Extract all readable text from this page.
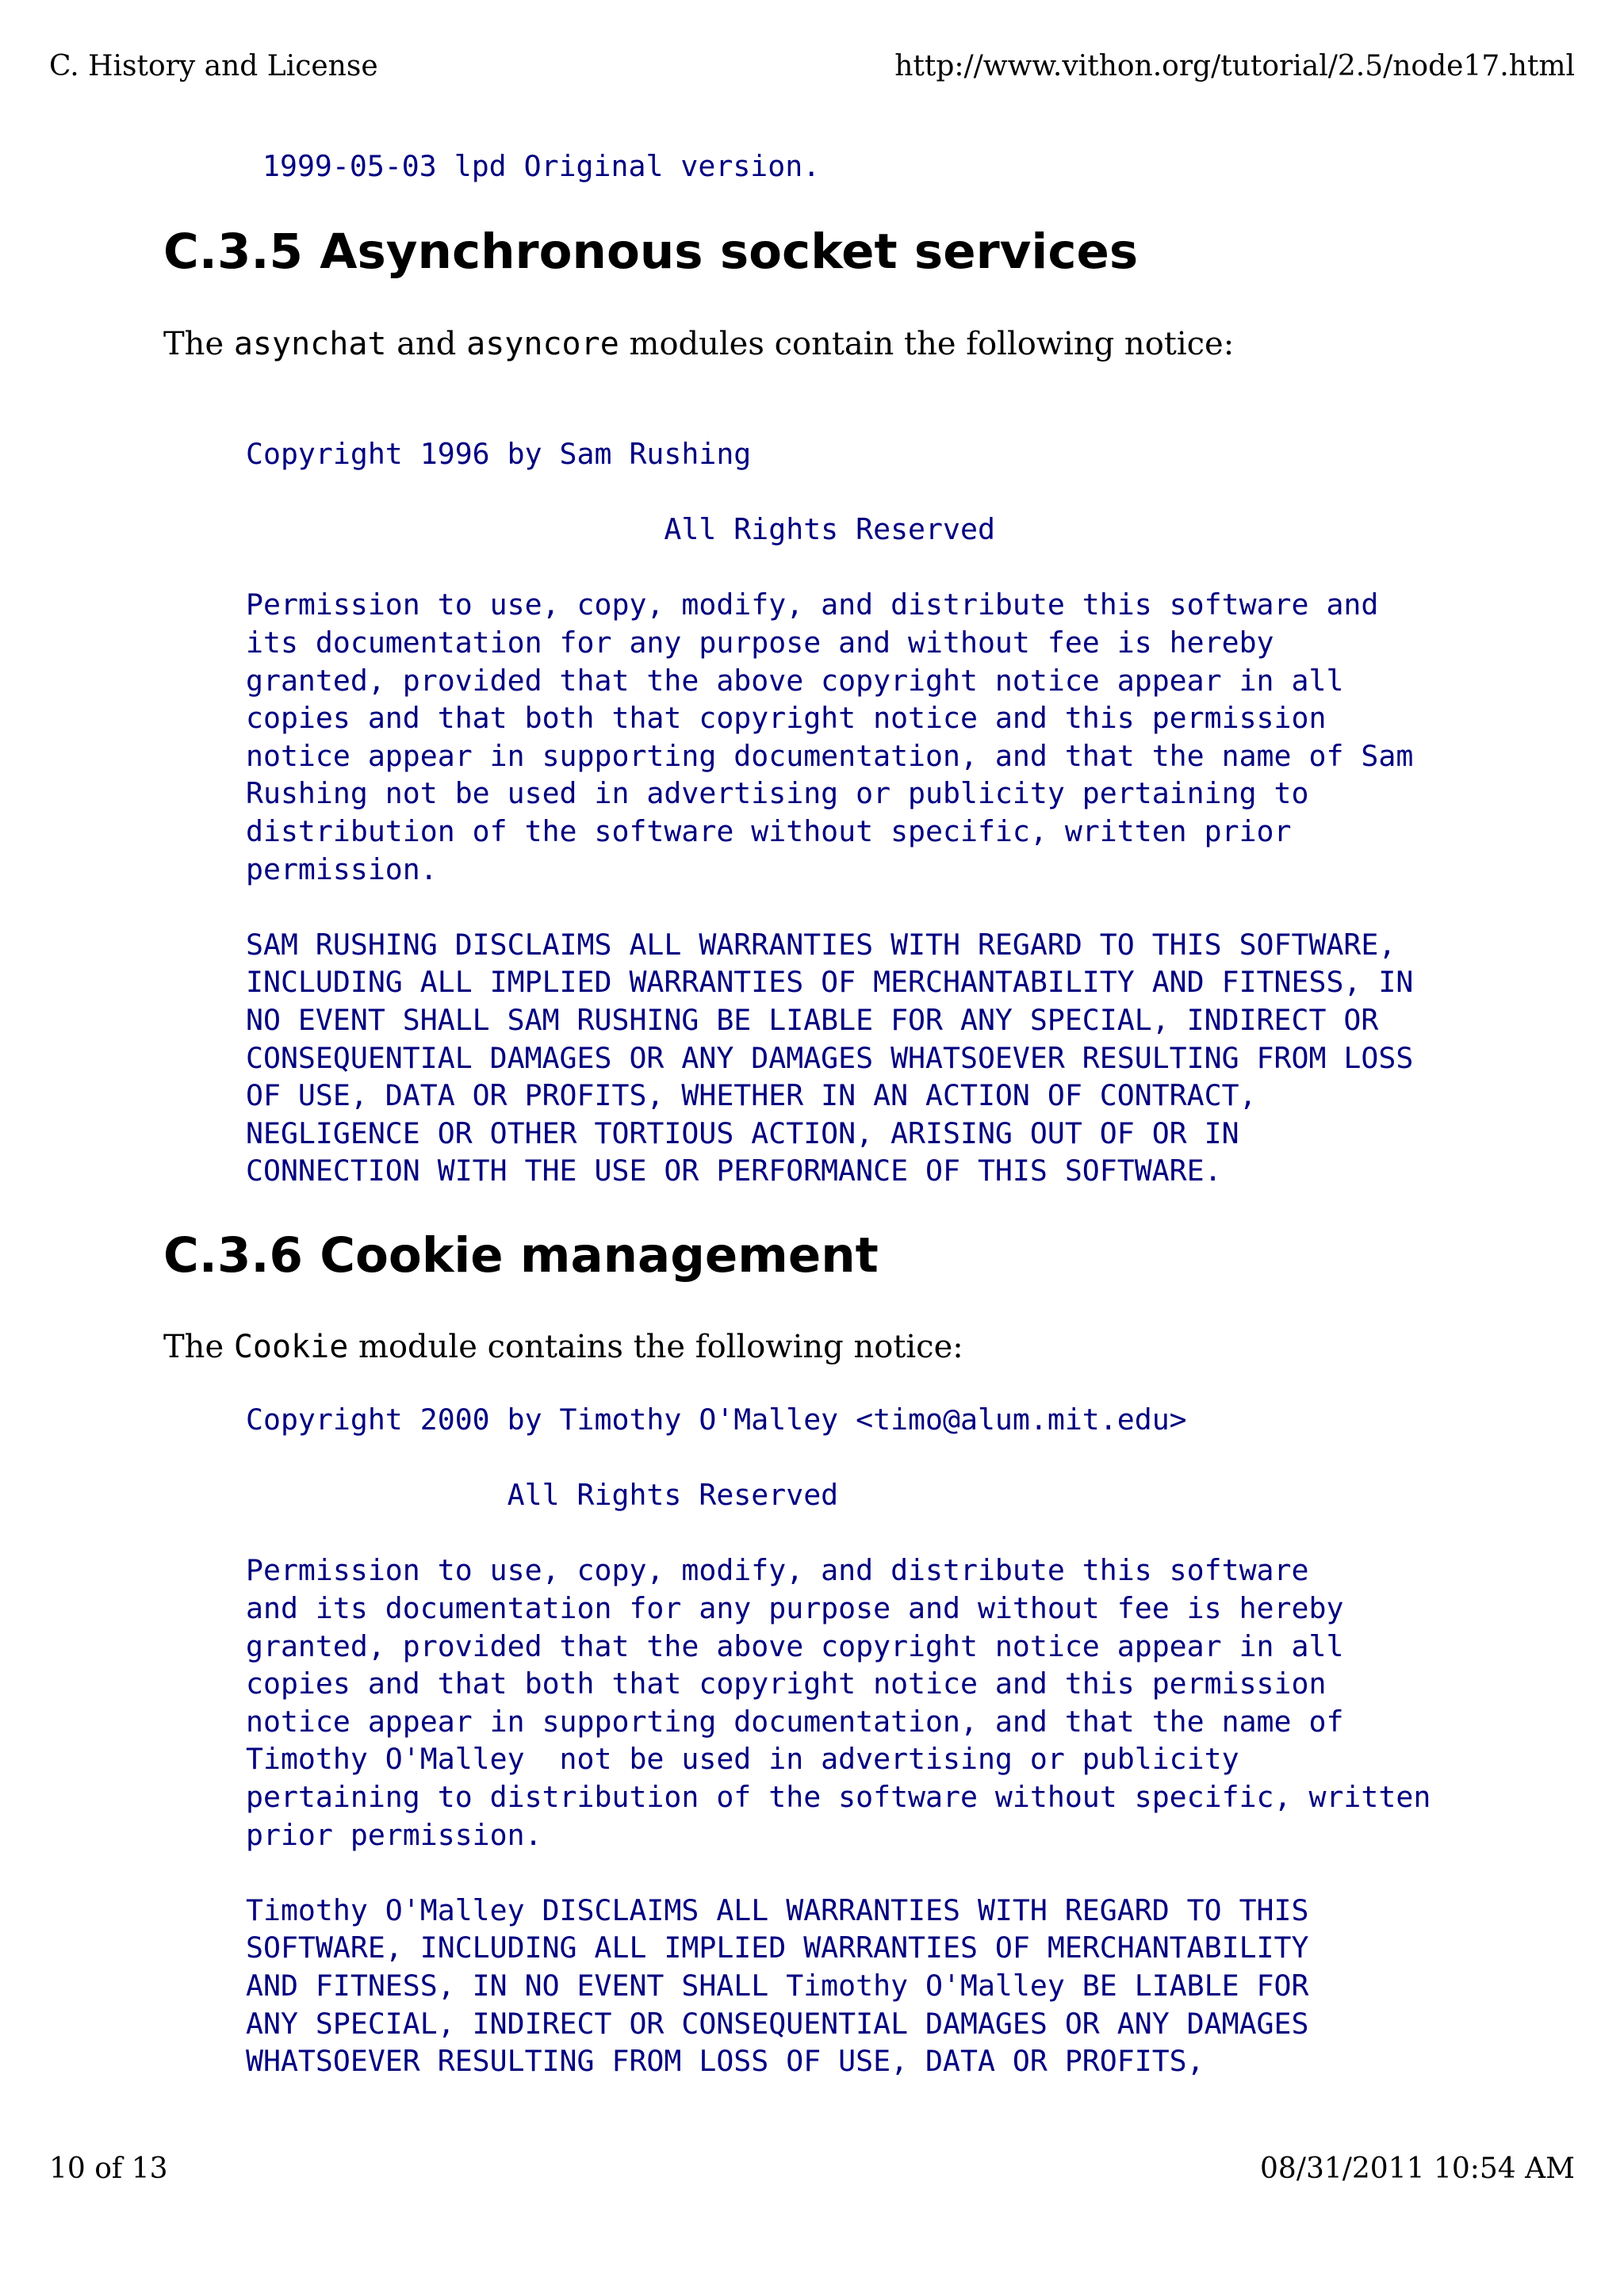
C. History and License	http://www.vithon.org/tutorial/2.5/node17.html
1999-05-03 lpd Original version.
C.3.5 Asynchronous socket services

The asynchat and asyncore modules contain the following notice:

Copyright 1996 by Sam Rushing

All Rights Reserved

Permission to use, copy, modify, and distribute this software and
its documentation for any purpose and without fee is hereby
granted, provided that the above copyright notice appear in all
copies and that both that copyright notice and this permission
notice appear in supporting documentation, and that the name of Sam
Rushing not be used in advertising or publicity pertaining to
distribution of the software without specific, written prior
permission.

SAM RUSHING DISCLAIMS ALL WARRANTIES WITH REGARD TO THIS SOFTWARE,
INCLUDING ALL IMPLIED WARRANTIES OF MERCHANTABILITY AND FITNESS, IN
NO EVENT SHALL SAM RUSHING BE LIABLE FOR ANY SPECIAL, INDIRECT OR
CONSEQUENTIAL DAMAGES OR ANY DAMAGES WHATSOEVER RESULTING FROM LOSS
OF USE, DATA OR PROFITS, WHETHER IN AN ACTION OF CONTRACT,
NEGLIGENCE OR OTHER TORTIOUS ACTION, ARISING OUT OF OR IN
CONNECTION WITH THE USE OR PERFORMANCE OF THIS SOFTWARE.
C.3.6 Cookie management

The Cookie module contains the following notice:

Copyright 2000 by Timothy O'Malley <timo@alum.mit.edu>

All Rights Reserved

Permission to use, copy, modify, and distribute this software
and its documentation for any purpose and without fee is hereby
granted, provided that the above copyright notice appear in all
copies and that both that copyright notice and this permission
notice appear in supporting documentation, and that the name of
Timothy O'Malley  not be used in advertising or publicity
pertaining to distribution of the software without specific, written
prior permission.

Timothy O'Malley DISCLAIMS ALL WARRANTIES WITH REGARD TO THIS
SOFTWARE, INCLUDING ALL IMPLIED WARRANTIES OF MERCHANTABILITY
AND FITNESS, IN NO EVENT SHALL Timothy O'Malley BE LIABLE FOR
ANY SPECIAL, INDIRECT OR CONSEQUENTIAL DAMAGES OR ANY DAMAGES
WHATSOEVER RESULTING FROM LOSS OF USE, DATA OR PROFITS,
10 of 13	08/31/2011 10:54 AM
